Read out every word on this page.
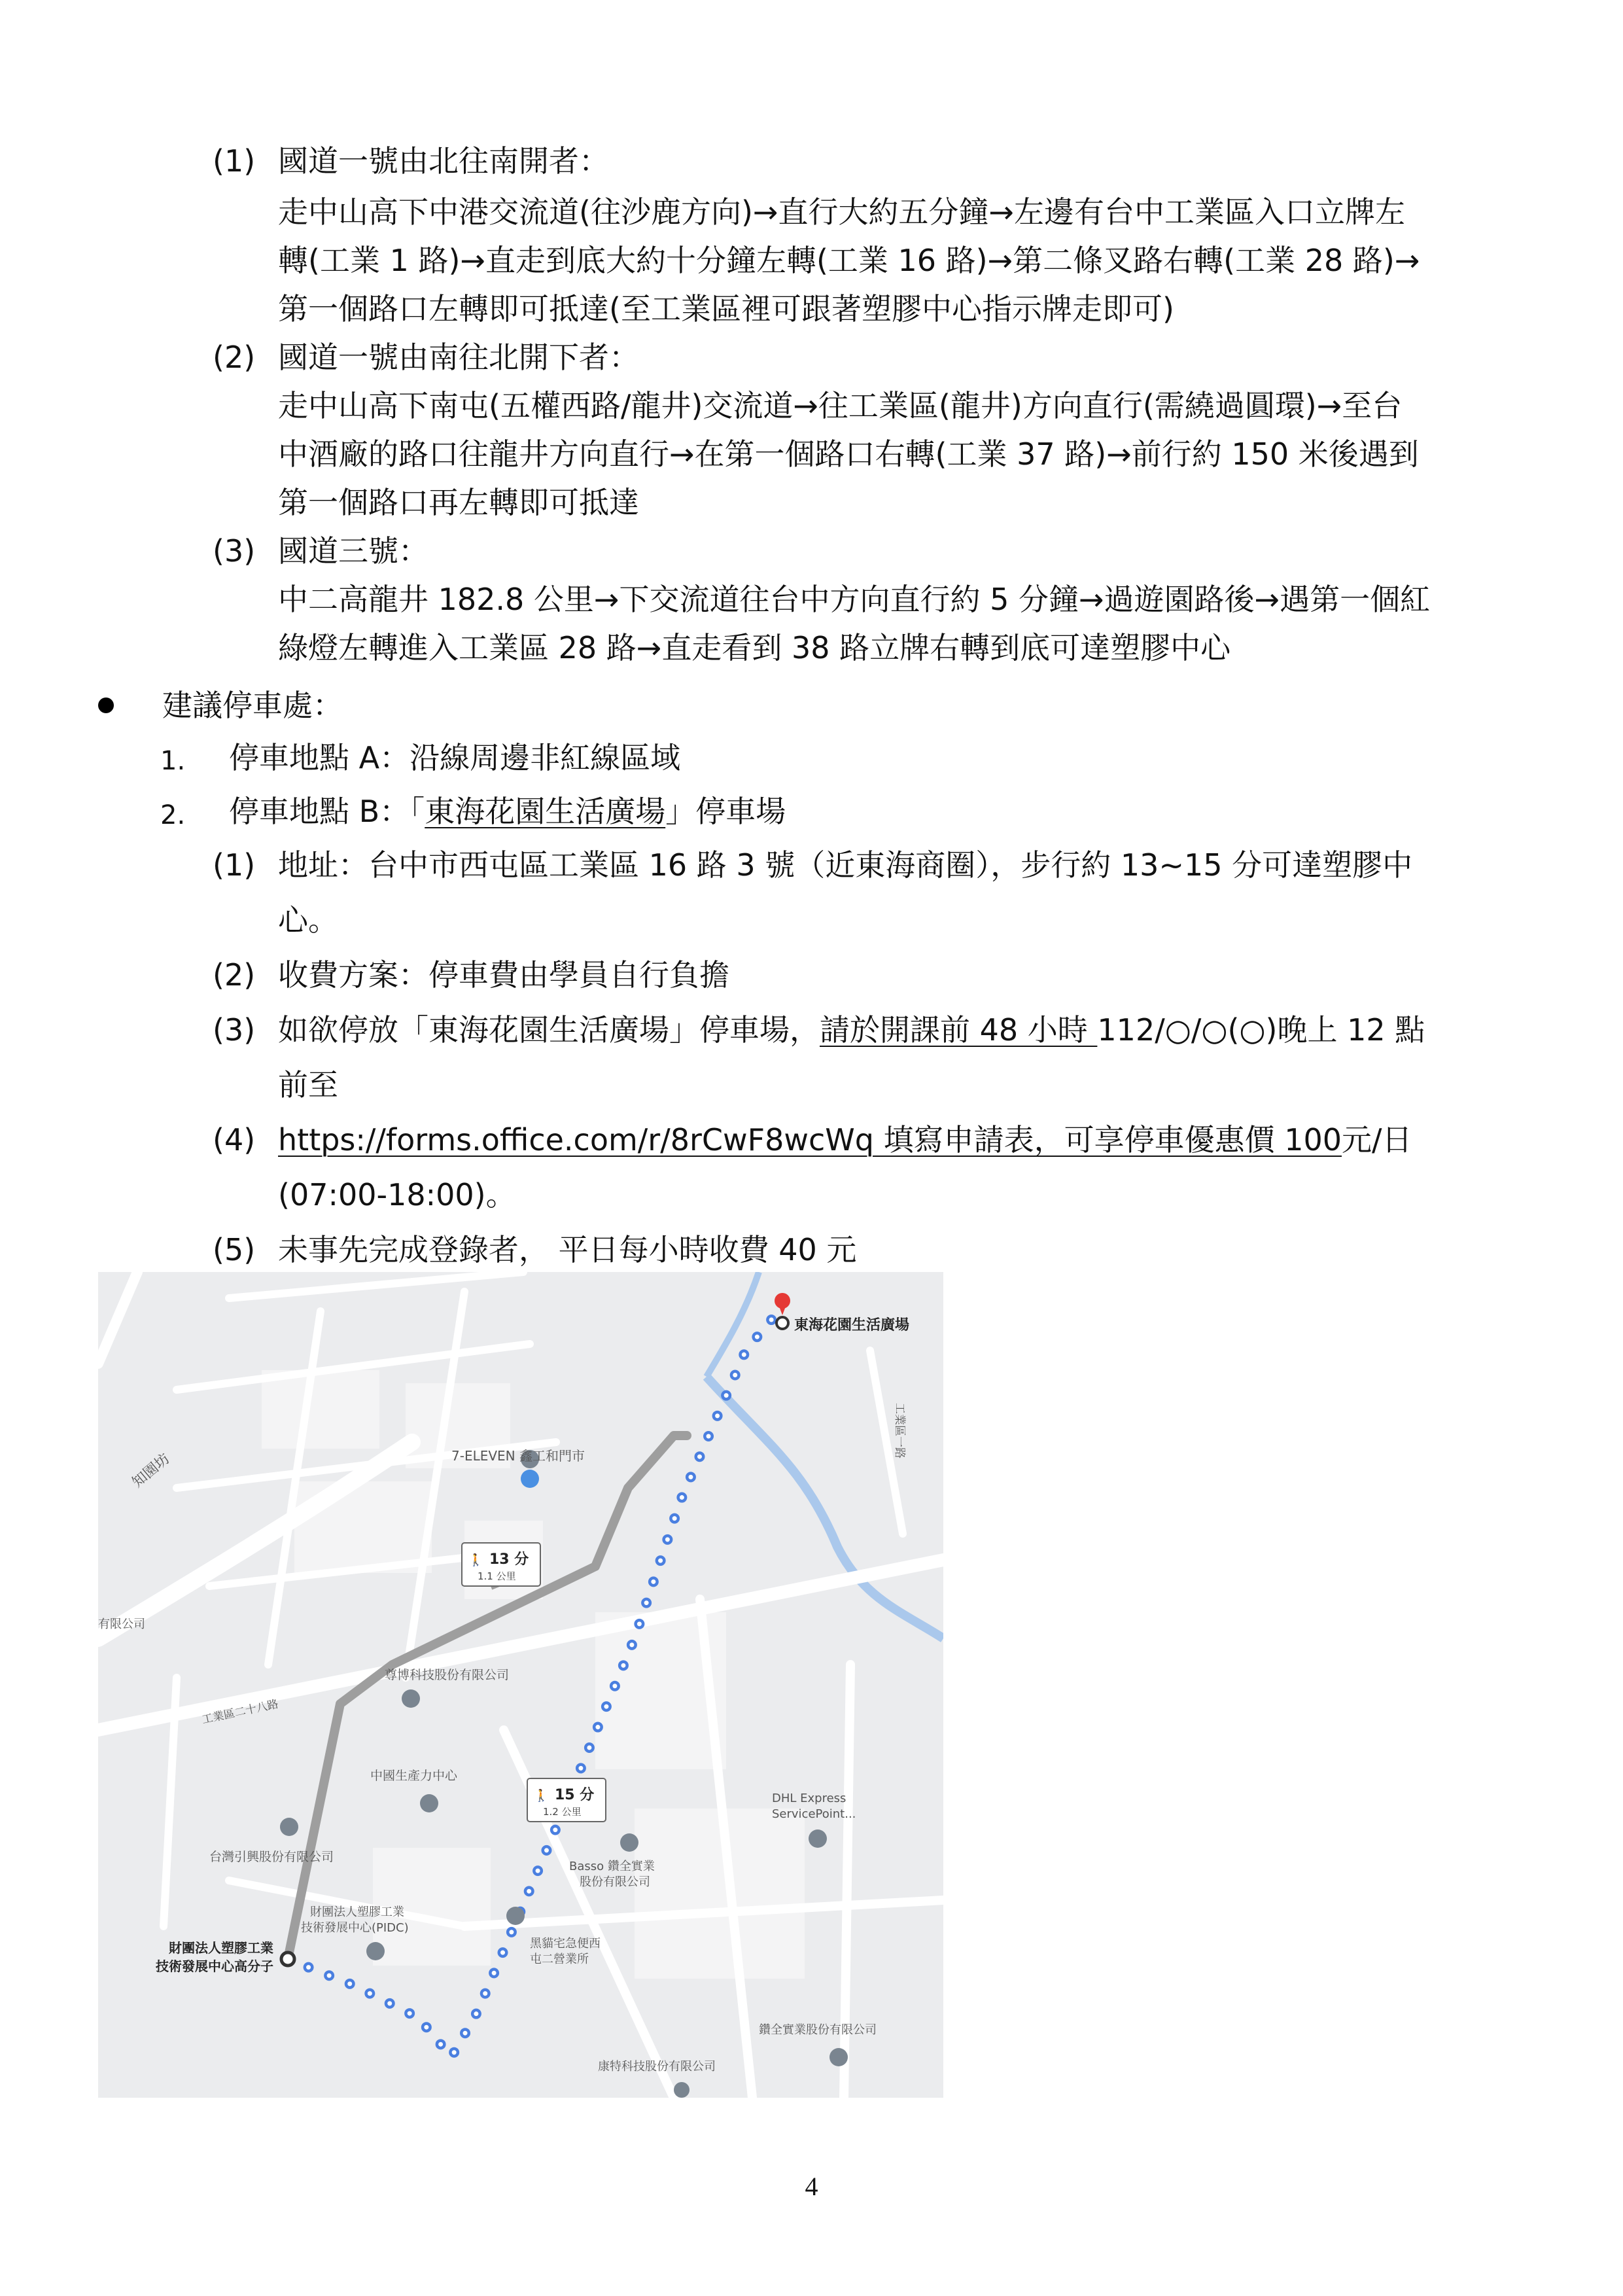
(1) 國道一號由北往南開者：
走中山高下中港交流道(往沙鹿方向)→直行大約五分鐘→左邊有台中工業區入口立牌左
轉(工業 1 路)→直走到底大約十分鐘左轉(工業 16 路)→第二條叉路右轉(工業 28 路)→
第一個路口左轉即可抵達(至工業區裡可跟著塑膠中心指示牌走即可)
(2) 國道一號由南往北開下者：
走中山高下南屯(五權西路/龍井)交流道→往工業區(龍井)方向直行(需繞過圓環)→至台
中酒廠的路口往龍井方向直行→在第一個路口右轉(工業 37 路)→前行約 150 米後遇到
第一個路口再左轉即可抵達
(3) 國道三號：
中二高龍井 182.8 公里→下交流道往台中方向直行約 5 分鐘→過遊園路後→遇第一個紅
綠燈左轉進入工業區 28 路→直走看到 38 路立牌右轉到底可達塑膠中心
建議停車處：
1. 停車地點 A：沿線周邊非紅線區域
2. 停車地點 B：「東海花園生活廣場」停車場
(1) 地址：台中市西屯區工業區 16 路 3 號（近東海商圈），步行約 13~15 分可達塑膠中
心。
(2) 收費方案：停車費由學員自行負擔
(3) 如欲停放「東海花園生活廣場」停車場，請於開課前 48 小時 112/○/○(○)晚上 12 點
前至
(4) https://forms.office.com/r/8rCwF8wcWq 填寫申請表，可享停車優惠價 100元/日
(07:00-18:00)。
(5) 未事先完成登錄者， 平日每小時收費 40 元
東海花園生活廣場
財團法人塑膠工業
技術發展中心高分子
🚶 13 分
1.1 公里
🚶 15 分
1.2 公里
7-ELEVEN 鑫工和門市
尊博科技股份有限公司
中國生產力中心
台灣引興股份有限公司
財團法人塑膠工業
技術發展中心(PIDC)
Basso 鑽全實業
股份有限公司
DHL Express
ServicePoint...
黑貓宅急便西
屯二營業所
鑽全實業股份有限公司
康特科技股份有限公司
有限公司
知園坊
工業區二十八路
工業區一路
4
